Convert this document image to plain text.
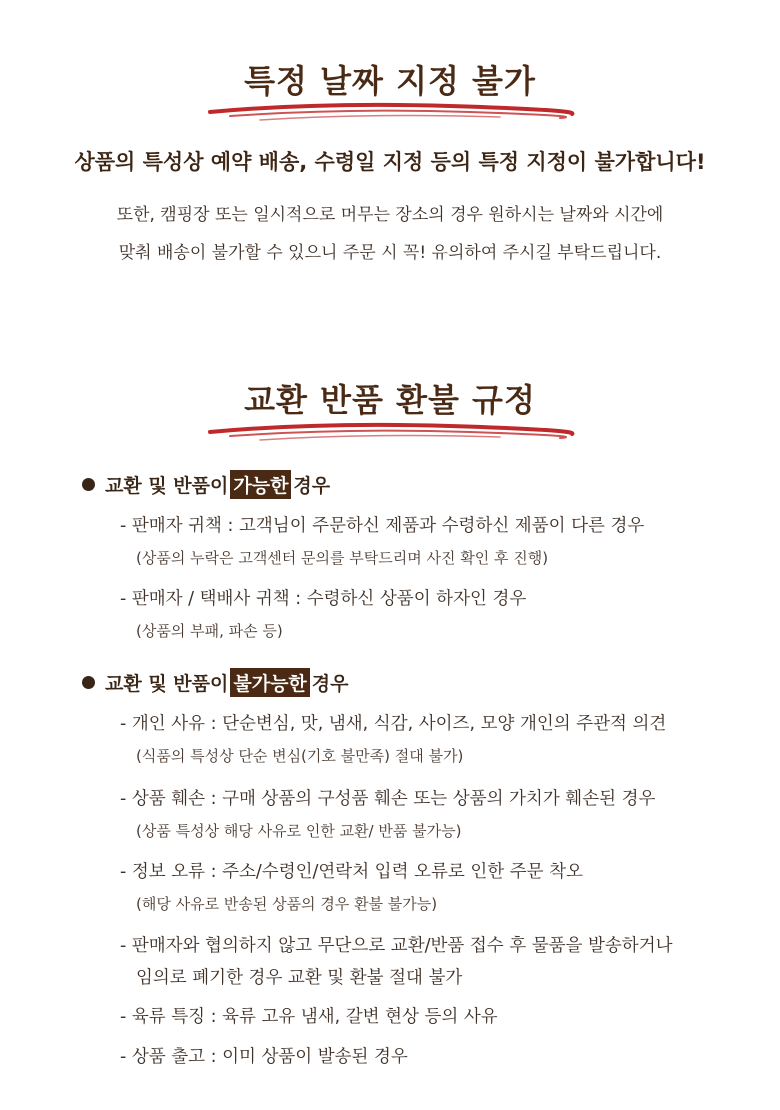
특정 날짜 지정 불가
상품의 특성상 예약 배송, 수령일 지정 등의 특정 지정이 불가합니다!
또한, 캠핑장 또는 일시적으로 머무는 장소의 경우 원하시는 날짜와 시간에
맞춰 배송이 불가할 수 있으니 주문 시 꼭! 유의하여 주시길 부탁드립니다.
교환 반품 환불 규정
교환 및 반품이 가능한 경우
- 판매자 귀책 : 고객님이 주문하신 제품과 수령하신 제품이 다른 경우
(상품의 누락은 고객센터 문의를 부탁드리며 사진 확인 후 진행)
- 판매자 / 택배사 귀책 : 수령하신 상품이 하자인 경우
(상품의 부패, 파손 등)
교환 및 반품이 불가능한 경우
- 개인 사유 : 단순변심, 맛, 냄새, 식감, 사이즈, 모양 개인의 주관적 의견
(식품의 특성상 단순 변심(기호 불만족) 절대 불가)
- 상품 훼손 : 구매 상품의 구성품 훼손 또는 상품의 가치가 훼손된 경우
(상품 특성상 해당 사유로 인한 교환/ 반품 불가능)
- 정보 오류 : 주소/수령인/연락처 입력 오류로 인한 주문 착오
(해당 사유로 반송된 상품의 경우 환불 불가능)
- 판매자와 협의하지 않고 무단으로 교환/반품 접수 후 물품을 발송하거나
임의로 폐기한 경우 교환 및 환불 절대 불가
- 육류 특징 : 육류 고유 냄새, 갈변 현상 등의 사유
- 상품 출고 : 이미 상품이 발송된 경우
